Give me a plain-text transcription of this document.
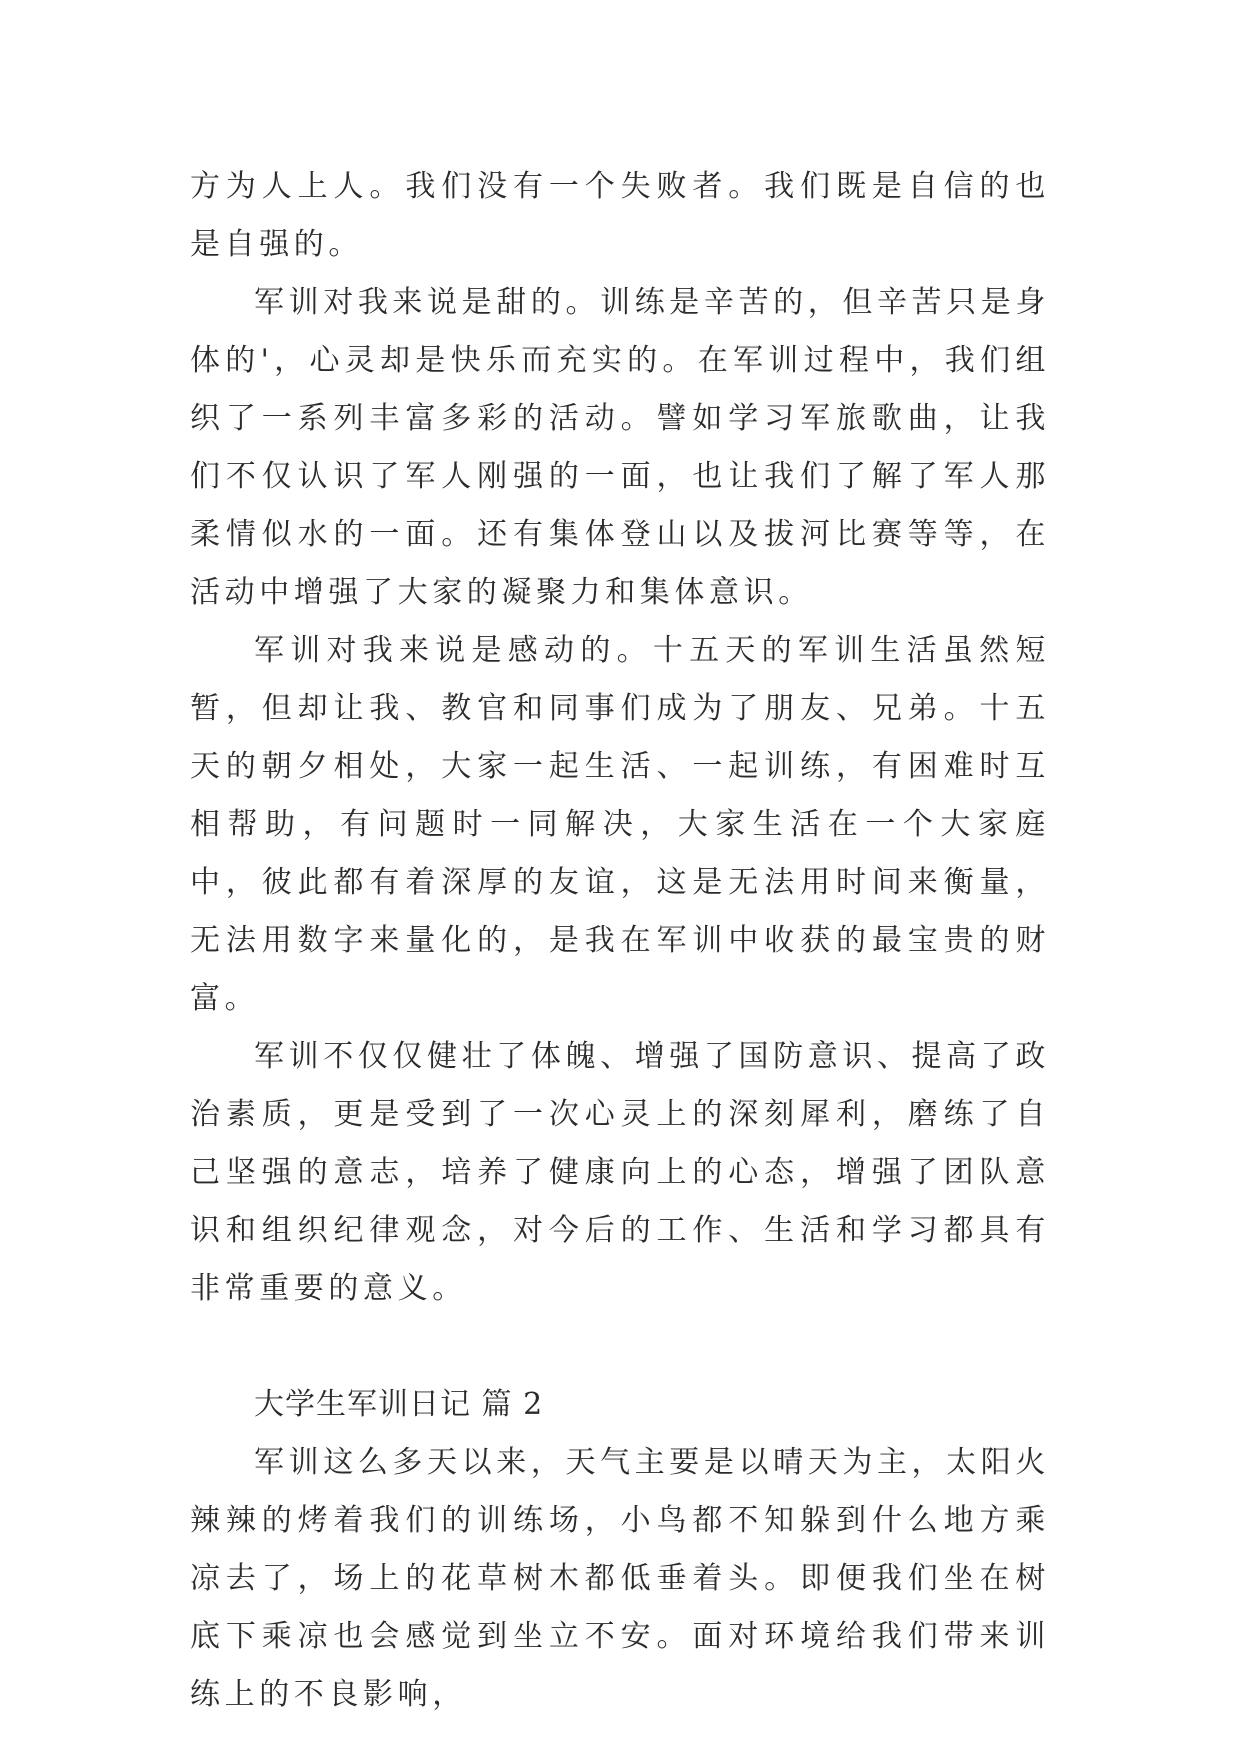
方为人上人。我们没有一个失败者。我们既是自信的也是自强的。

军训对我来说是甜的。训练是辛苦的，但辛苦只是身体的'，心灵却是快乐而充实的。在军训过程中，我们组织了一系列丰富多彩的活动。譬如学习军旅歌曲，让我们不仅认识了军人刚强的一面，也让我们了解了军人那柔情似水的一面。还有集体登山以及拔河比赛等等，在活动中增强了大家的凝聚力和集体意识。

军训对我来说是感动的。十五天的军训生活虽然短暂，但却让我、教官和同事们成为了朋友、兄弟。十五天的朝夕相处，大家一起生活、一起训练，有困难时互相帮助，有问题时一同解决，大家生活在一个大家庭中，彼此都有着深厚的友谊，这是无法用时间来衡量，无法用数字来量化的，是我在军训中收获的最宝贵的财富。

军训不仅仅健壮了体魄、增强了国防意识、提高了政治素质，更是受到了一次心灵上的深刻犀利，磨练了自己坚强的意志，培养了健康向上的心态，增强了团队意识和组织纪律观念，对今后的工作、生活和学习都具有非常重要的意义。

大学生军训日记 篇 2

军训这么多天以来，天气主要是以晴天为主，太阳火辣辣的烤着我们的训练场，小鸟都不知躲到什么地方乘凉去了，场上的花草树木都低垂着头。即便我们坐在树底下乘凉也会感觉到坐立不安。面对环境给我们带来训练上的不良影响，
